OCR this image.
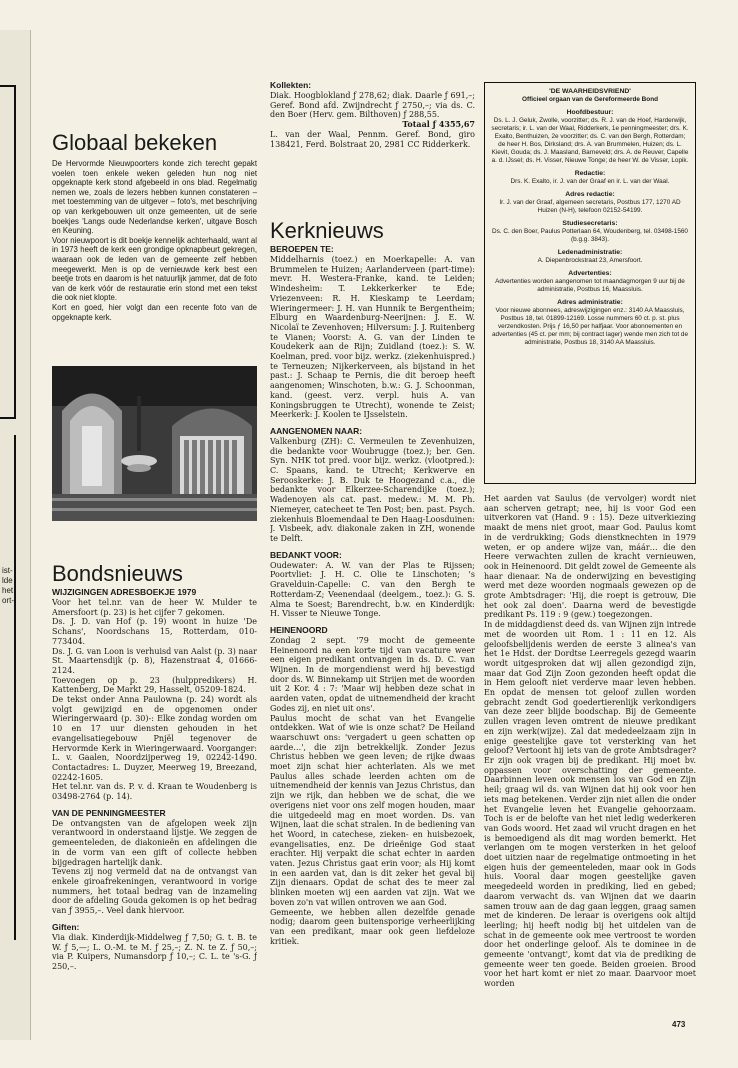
ist-
lde
het
ort-
Globaal bekeken

De Hervormde Nieuwpoorters konde zich terecht gepakt voelen toen enkele weken geleden hun nog niet opgeknapte kerk stond afgebeeld in ons blad. Regelmatig nemen we, zoals de lezers hebben kunnen constateren – met toestemming van de uitgever – foto's, met beschrijving op van kerkgebouwen uit onze gemeenten, uit de serie boekjes 'Langs oude Nederlandse kerken', uitgave Bosch en Keuning.
Voor nieuwpoort is dit boekje kennelijk achterhaald, want al in 1973 heeft de kerk een grondige opknapbeurt gekregen, waaraan ook de leden van de gemeente zelf hebben meegewerkt. Men is op de vernieuwde kerk best een beetje trots en daarom is het natuurlijk jammer, dat de foto van de kerk vóór de restauratie erin stond met een tekst die ook niet klopte.
Kort en goed, hier volgt dan een recente foto van de opgeknapte kerk.

Bondsnieuws
WIJZIGINGEN ADRESBOEKJE 1979

Voor het tel.nr. van de heer W. Mulder te Amersfoort (p. 23) is het cijfer 7 gekomen.
Ds. J. D. van Hof (p. 19) woont in huize 'De Schans', Noordschans 15, Rotterdam, 010-773404.
Ds. J. G. van Loon is verhuisd van Aalst (p. 3) naar St. Maartensdijk (p. 8), Hazenstraat 4, 01666-2124.
Toevoegen op p. 23 (hulppredikers) H. Kattenberg, De Markt 29, Hasselt, 05209-1824.
De tekst onder Anna Paulowna (p. 24) wordt als volgt gewijzigd en de opgenomen onder Wieringerwaard (p. 30)-: Elke zondag worden om 10 en 17 uur diensten gehouden in het evangelisatiegebouw Pnjël tegenover de Hervormde Kerk in Wieringerwaard. Voorganger: L. v. Gaalen, Noordzijperweg 19, 02242-1490. Contactadres: L. Duyzer, Meerweg 19, Breezand, 02242-1605.
Het tel.nr. van ds. P. v. d. Kraan te Woudenberg is 03498-2764 (p. 14).

VAN DE PENNINGMEESTER

De ontvangsten van de afgelopen week zijn verantwoord in onderstaand lijstje. We zeggen de gemeenteleden, de diakonieën en afdelingen die in de vorm van een gift of collecte hebben bijgedragen hartelijk dank.
Tevens zij nog vermeld dat na de ontvangst van enkele giroafrekeningen, verantwoord in vorige nummers, het totaal bedrag van de inzameling door de afdeling Gouda gekomen is op het bedrag van ƒ 3955,–. Veel dank hiervoor.

Giften:

Via diak. Kinderdijk-Middelweg ƒ 7,50; G. t. B. te W. ƒ 5,—; L. O.-M. te M. ƒ 25,–; Z. N. te Z. ƒ 50,–; via P. Kuipers, Numansdorp ƒ 10,–; C. L. te 's-G. ƒ 250,–.

Kollekten:

Diak. Hoogblokland ƒ 278,62; diak. Daarle ƒ 691,–; Geref. Bond afd. Zwijndrecht ƒ 2750,–; via ds. C. den Boer (Herv. gem. Bilthoven) ƒ 288,55.

Totaal ƒ 4355,67

L. van der Waal, Pennm. Geref. Bond, giro 138421, Ferd. Bolstraat 20, 2981 CC Ridderkerk.

Kerknieuws
BEROEPEN TE:

Middelharnis (toez.) en Moerkapelle: A. van Brummelen te Huizen; Aarlanderveen (part-time): mevr. H. Westera-Franke, kand. te Leiden; Windesheim: T. Lekkerkerker te Ede; Vriezenveen: R. H. Kieskamp te Leerdam; Wieringermeer: J. H. van Hunnik te Bergentheim; Elburg en Waardenburg-Neerijnen: J. E. W. Nicolaï te Zevenhoven; Hilversum: J. J. Ruitenberg te Vianen; Voorst: A. G. van der Linden te Koudekerk aan de Rijn; Zuidland (toez.): S. W. Koelman, pred. voor bijz. werkz. (ziekenhuispred.) te Terneuzen; Nijkerkerveen, als bijstand in het past.: J. Schaap te Pernis, die dit beroep heeft aangenomen; Winschoten, b.w.: G. J. Schoonman, kand. (geest. verz. verpl. huis A. van Koningsbruggen te Utrecht), wonende te Zeist; Meerkerk: J. Koolen te IJsselstein.

AANGENOMEN NAAR:

Valkenburg (ZH): C. Vermeulen te Zevenhuizen, die bedankte voor Woubrugge (toez.); ber. Gen. Syn. NHK tot pred. voor bijz. werkz. (vlootpred.): C. Spaans, kand. te Utrecht; Kerkwerve en Serooskerke: J. B. Duk te Hoogezand c.a., die bedankte voor Elkerzee-Scharendijke (toez.); Wadenoyen als cat. past. medew.: M. M. Ph. Niemeyer, catecheet te Ten Post; ben. past. Psych. ziekenhuis Bloemendaal te Den Haag-Loosduinen: J. Visbeek, adv. diakonale zaken in ZH, wonende te Delft.

BEDANKT VOOR:

Oudewater: A. W. van der Plas te Rijssen; Poortvliet: J. H. C. Olie te Linschoten; 's Gravelduin-Capelle: C. van den Bergh te Rotterdam-Z; Veenendaal (deelgem., toez.): G. S. Alma te Soest; Barendrecht, b.w. en Kinderdijk: H. Visser te Nieuwe Tonge.

HEINENOORD

Zondag 2 sept. '79 mocht de gemeente Heinenoord na een korte tijd van vacature weer een eigen predikant ontvangen in ds. D. C. van Wijnen. In de morgendienst werd hij bevestigd door ds. W. Binnekamp uit Strijen met de woorden uit 2 Kor. 4 : 7: 'Maar wij hebben deze schat in aarden vaten, opdat de uitnemendheid der kracht Godes zij, en niet uit ons'.
Paulus mocht de schat van het Evangelie ontdekken. Wat of wie is onze schat? De Heiland waarschuwt ons: 'vergadert u geen schatten op aarde…', die zijn betrekkelijk. Zonder Jezus Christus hebben we geen leven; de rijke dwaas moet zijn schat hier achterlaten. Als we met Paulus alles schade leerden achten om de uitnemendheid der kennis van Jezus Christus, dan zijn we rijk, dan hebben we de schat, die we overigens niet voor ons zelf mogen houden, maar die uitgedeeld mag en moet worden. Ds. van Wijnen, laat die schat stralen. In de bediening van het Woord, in catechese, zieken- en huisbezoek, evangelisaties, enz. De drieënige God staat erachter. Hij verpakt die schat echter in aarden vaten. Jezus Christus gaat erin voor; als Hij komt in een aarden vat, dan is dit zeker het geval bij Zijn dienaars. Opdat de schat des te meer zal blinken moeten wij een aarden vat zijn. Wat we boven zo'n vat willen ontroven we aan God.
Gemeente, we hebben allen dezelfde genade nodig; daarom geen buitensporige verheerlijking van een predikant, maar ook geen liefdeloze kritiek.

'DE WAARHEIDSVRIEND'
Officieel orgaan van de Gereformeerde Bond
Hoofdbestuur:
Ds. L. J. Geluk, Zwolle, voorzitter; ds. R. J. van de Hoef, Harderwijk, secretaris; ir. L. van der Waal, Ridderkerk, 1e penningmeester; drs. K. Exalto, Benthuizen, 2e voorzitter; ds. C. van den Bergh, Rotterdam; de heer H. Bos, Dirksland; drs. A. van Brummelen, Huizen; ds. L. Kievit, Gouda; ds. J. Maasland, Barneveld; drs. A. de Reuver, Capelle a. d. IJssel; ds. H. Visser, Nieuwe Tonge; de heer W. de Visser, Lopik.
Redactie:
Drs. K. Exalto, ir. J. van der Graaf en ir. L. van der Waal.
Adres redactie:
Ir. J. van der Graaf, algemeen secretaris, Postbus 177, 1270 AD Huizen (N-H), telefoon 02152-54199.
Studiesecretaris:
Ds. C. den Boer, Paulus Potterlaan 64, Woudenberg, tel. 03498-1560 (b.g.g. 3843).
Ledenadministratie:
A. Diepenbrockstraat 23, Amersfoort.
Advertenties:
Advertenties worden aangenomen tot maandagmorgen 9 uur bij de administratie, Postbus 16, Maassluis.
Adres administratie:
Voor nieuwe abonnees, adreswijzigingen enz.: 3140 AA Maassluis, Postbus 18, tel. 01899-12169. Losse nummers 60 ct. p. st. plus verzendkosten. Prijs ƒ 16,50 per halfjaar. Voor abonnementen en advertenties (45 ct. per mm; bij contract lager) wende men zich tot de administratie, Postbus 18, 3140 AA Maassluis.

Het aarden vat Saulus (de vervolger) wordt niet aan scherven getrapt; nee, hij is voor God een uitverkoren vat (Hand. 9 : 15). Deze uitverkiezing maakt de mens niet groot, maar God. Paulus komt in de verdrukking; Gods dienstknechten in 1979 weten, er op andere wijze van, máár… die den Heere verwachten zullen de kracht vernieuwen, ook in Heinenoord. Dit geldt zowel de Gemeente als haar dienaar. Na de onderwijzing en bevestiging werd met deze woorden nogmaals gewezen op de grote Ambtsdrager: 'Hij, die roept is getrouw, Die het ook zal doen'. Daarna werd de bevestigde predikant Ps. 119 : 9 (gew.) toegezongen.
In de middagdienst deed ds. van Wijnen zijn intrede met de woorden uit Rom. 1 : 11 en 12. Als geloofsbelijdenis werden de eerste 3 alinea's van het 1e Hdst. der Dordtse Leerregels gezegd waarin wordt uitgesproken dat wij allen gezondigd zijn, maar dat God Zijn Zoon gezonden heeft opdat die in Hem gelooft niet verderve maar leven hebben. En opdat de mensen tot geloof zullen worden gebracht zendt God goedertierenlijk verkondigers van deze zeer blijde boodschap. Bij de Gemeente zullen vragen leven omtrent de nieuwe predikant en zijn werk(wijze). Zal dat mededeelzaam zijn in enige geestelijke gave tot versterking van het geloof? Vertoont hij iets van de grote Ambtsdrager? Er zijn ook vragen bij de predikant. Hij moet bv. oppassen voor overschatting der gemeente. Daarbinnen leven ook mensen los van God en Zijn heil; graag wil ds. van Wijnen dat hij ook voor hen iets mag betekenen. Verder zijn niet allen die onder het Evangelie leven het Evangelie gehoorzaam. Toch is er de belofte van het niet ledig wederkeren van Gods woord. Het zaad wil vrucht dragen en het is bemoedigend als dit mag worden bemerkt. Het verlangen om te mogen versterken in het geloof doet uitzien naar de regelmatige ontmoeting in het eigen huis der gemeenteleden, maar ook in Gods huis. Vooral daar mogen geestelijke gaven meegedeeld worden in prediking, lied en gebed; daarom verwacht ds. van Wijnen dat we daarin samen trouw aan de dag gaan leggen, graag samen met de kinderen. De leraar is overigens ook altijd leerling; hij heeft nodig bij het uitdelen van de schat in de gemeente ook mee vertroost te worden door het onderlinge geloof. Als te dominee in de gemeente 'ontvangt', komt dat via de prediking de gemeente weer ten goede. Beiden groeien. Brood voor het hart komt er niet zo maar. Daarvoor moet worden

473
